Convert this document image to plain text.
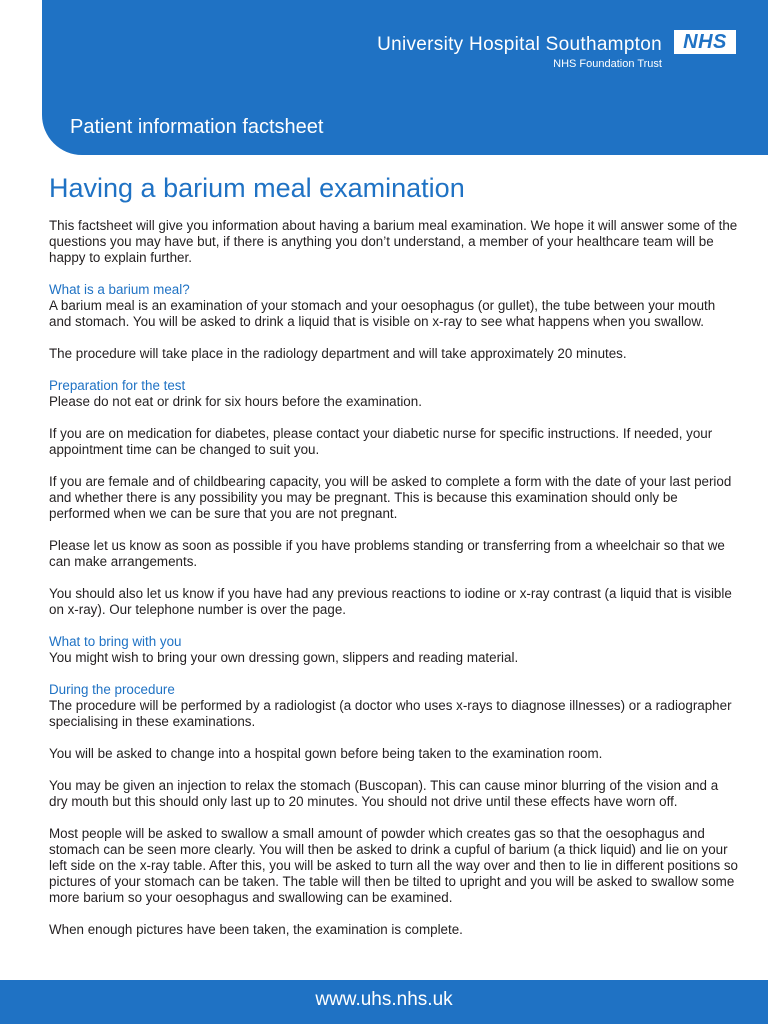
University Hospital Southampton
NHS Foundation Trust
NHS
Patient information factsheet
Having a barium meal examination

This factsheet will give you information about having a barium meal examination. We hope it will answer some of the questions you may have but, if there is anything you don’t understand, a member of your healthcare team will be happy to explain further.

What is a barium meal?

A barium meal is an examination of your stomach and your oesophagus (or gullet), the tube between your mouth and stomach. You will be asked to drink a liquid that is visible on x-ray to see what happens when you swallow.

The procedure will take place in the radiology department and will take approximately 20 minutes.

Preparation for the test

Please do not eat or drink for six hours before the examination.

If you are on medication for diabetes, please contact your diabetic nurse for specific instructions. If needed, your appointment time can be changed to suit you.

If you are female and of childbearing capacity, you will be asked to complete a form with the date of your last period and whether there is any possibility you may be pregnant. This is because this examination should only be performed when we can be sure that you are not pregnant.

Please let us know as soon as possible if you have problems standing or transferring from a wheelchair so that we can make arrangements.

You should also let us know if you have had any previous reactions to iodine or x-ray contrast (a liquid that is visible on x-ray). Our telephone number is over the page.

What to bring with you

You might wish to bring your own dressing gown, slippers and reading material.

During the procedure

The procedure will be performed by a radiologist (a doctor who uses x-rays to diagnose illnesses) or a radiographer specialising in these examinations.

You will be asked to change into a hospital gown before being taken to the examination room.

You may be given an injection to relax the stomach (Buscopan). This can cause minor blurring of the vision and a dry mouth but this should only last up to 20 minutes. You should not drive until these effects have worn off.

Most people will be asked to swallow a small amount of powder which creates gas so that the oesophagus and stomach can be seen more clearly. You will then be asked to drink a cupful of barium (a thick liquid) and lie on your left side on the x-ray table. After this, you will be asked to turn all the way over and then to lie in different positions so pictures of your stomach can be taken. The table will then be tilted to upright and you will be asked to swallow some more barium so your oesophagus and swallowing can be examined.

When enough pictures have been taken, the examination is complete.

www.uhs.nhs.uk
